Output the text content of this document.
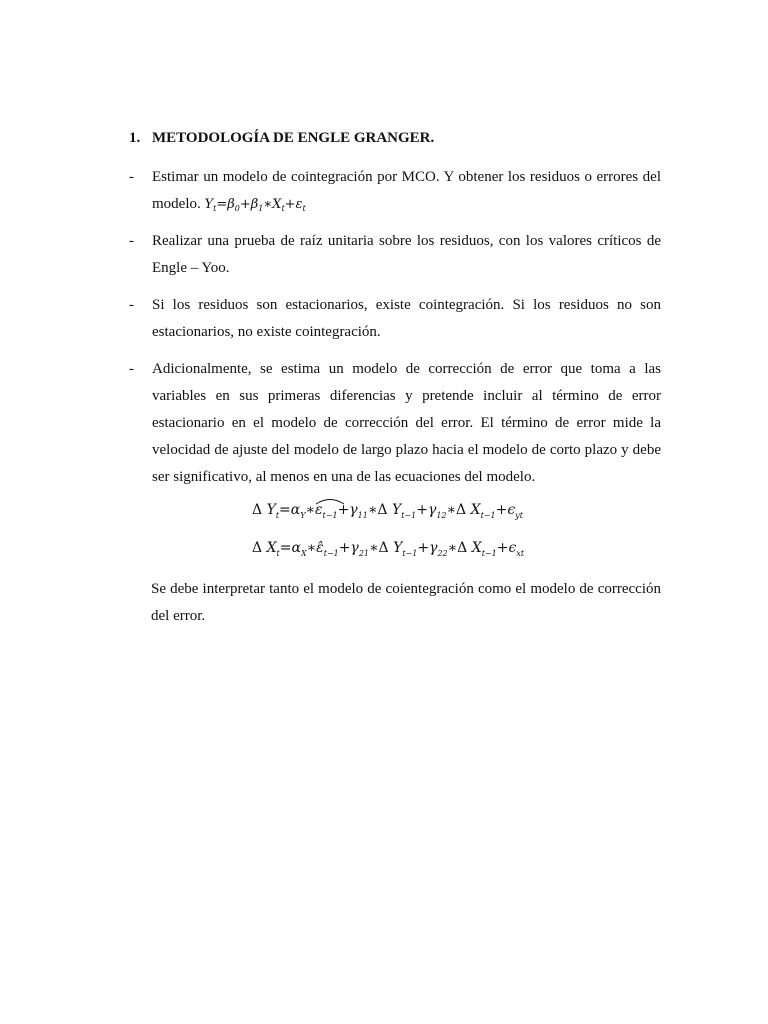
1. METODOLOGÍA DE ENGLE GRANGER.
-	Estimar un modelo de cointegración por MCO. Y obtener los residuos o errores del modelo. $Y_t=\beta_0+\beta_1∗X_t+\varepsilon_t$
-	Realizar una prueba de raíz unitaria sobre los residuos, con los valores críticos de Engle – Yoo.
-	Si los residuos son estacionarios, existe cointegración. Si los residuos no son estacionarios, no existe cointegración.
-	Adicionalmente, se estima un modelo de corrección de error que toma a las variables en sus primeras diferencias y pretende incluir al término de error estacionario en el modelo de corrección del error. El término de error mide la velocidad de ajuste del modelo de largo plazo hacia el modelo de corto plazo y debe ser significativo, al menos en una de las ecuaciones del modelo.
Δ $Y_t=\alpha_Y∗$
$\varepsilon_{t-1}+\gamma_{11}∗\Delta$ $Y_{t-1}+\gamma_{12}∗\Delta$ $X_{t-1}+\epsilon_{yt}$
Δ $X_t=\alpha_X∗\varepsilon̂_{t-1}+\gamma_{21}∗\Delta$ $Y_{t-1}+\gamma_{22}∗\Delta$ $X_{t-1}+\epsilon_{xt}$
Se debe interpretar tanto el modelo de coientegración como el modelo de corrección del error.
